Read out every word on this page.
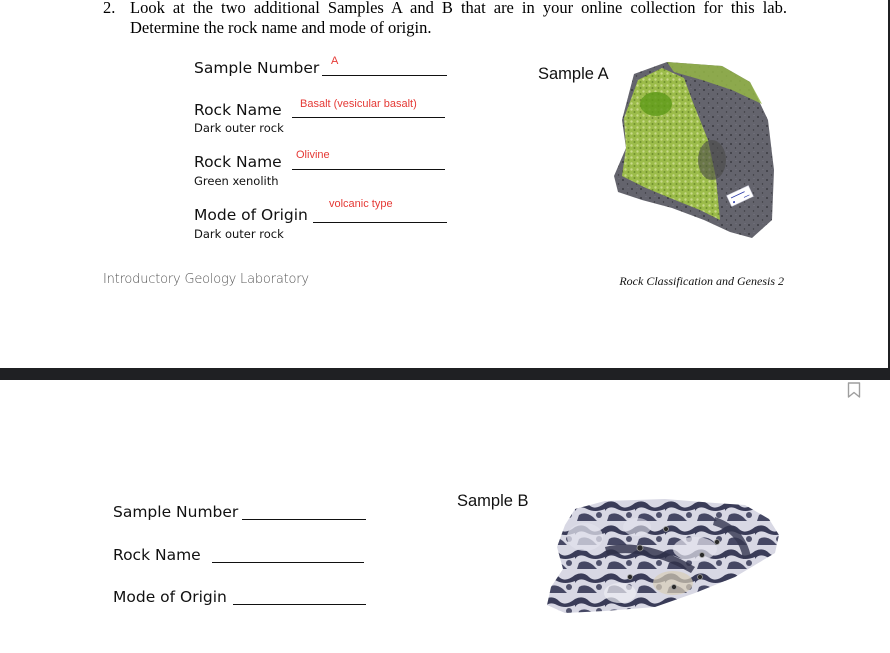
2. Look at the two additional Samples A and B that are in your online collection for this lab.
Determine the rock name and mode of origin.
Sample Number A
Rock Name
Dark outer rock
Basalt (vesicular basalt)
Rock Name
Green xenolith
Olivine
Mode of Origin
Dark outer rock
volcanic type
Sample A
Introductory Geology Laboratory	Rock Classification and Genesis 2
Sample Number
Rock Name
Mode of Origin
Sample B
